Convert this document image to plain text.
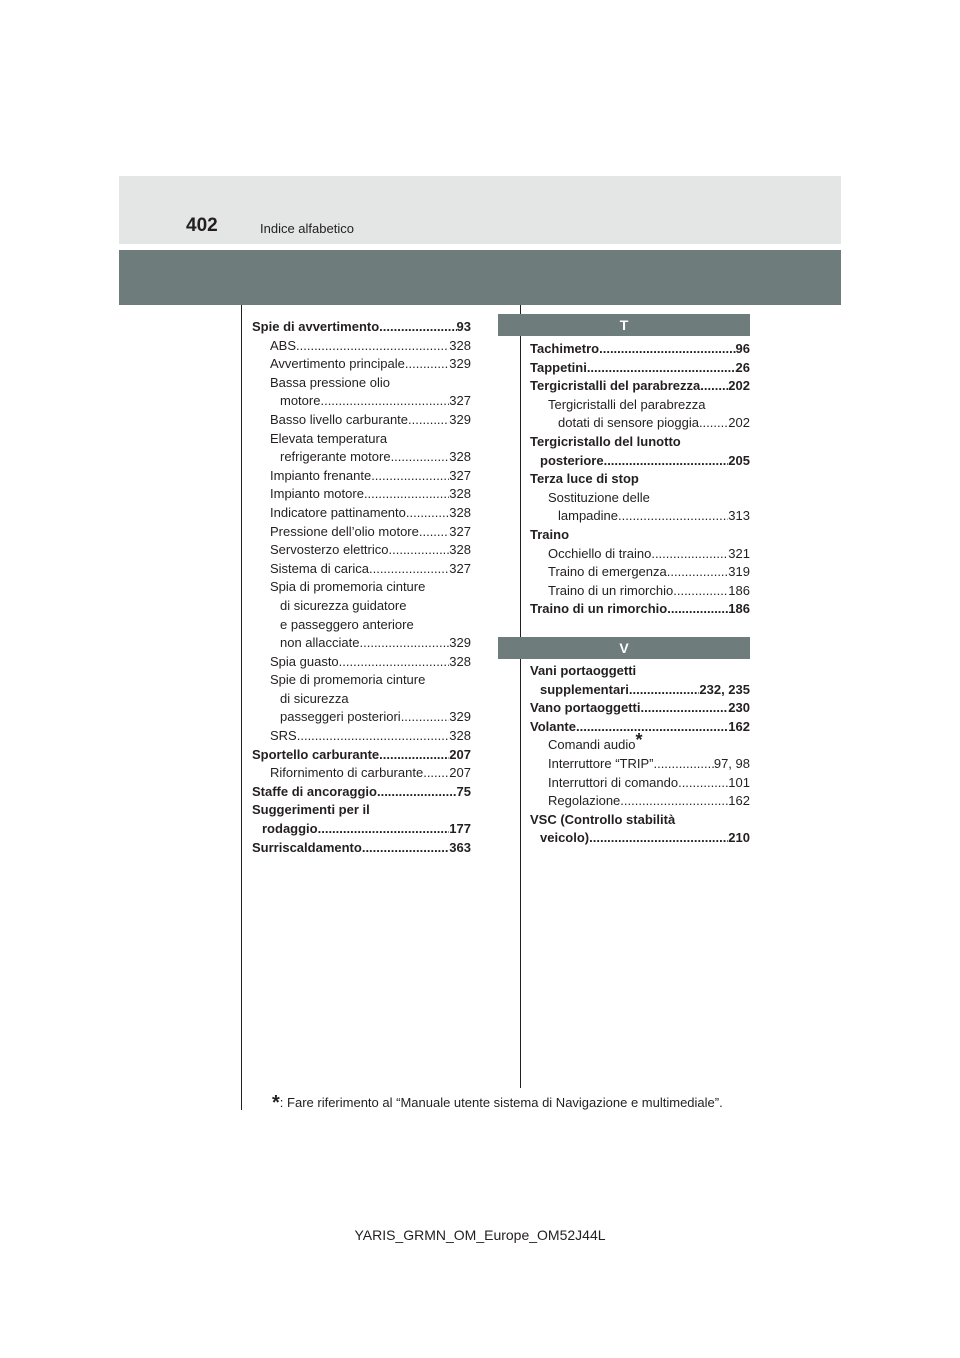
402	Indice alfabetico
Spie di avvertimento .....	93
ABS .....	328
Avvertimento principale .....	329
Bassa pressione olio
motore .....	327
Basso livello carburante .....	329
Elevata temperatura
refrigerante motore .....	328
Impianto frenante .....	327
Impianto motore .....	328
Indicatore pattinamento .....	328
Pressione dell’olio motore ..... 327
Servosterzo elettrico .....	328
Sistema di carica .....	327
Spia di promemoria cinture
di sicurezza guidatore
e passeggero anteriore
non allacciate .....	329
Spia guasto .....	328
Spie di promemoria cinture
di sicurezza
passeggeri posteriori .....	329
SRS .....	328
Sportello carburante .....	207
Rifornimento di carburante ..... 207
Staffe di ancoraggio .....	75
Suggerimenti per il
rodaggio .....	177
Surriscaldamento .....	363
T
Tachimetro .....	96
Tappetini .....	26
Tergicristalli del parabrezza ..... 202
Tergicristalli del parabrezza
dotati di sensore pioggia ..... 202
Tergicristallo del lunotto
posteriore .....	205
Terza luce di stop
Sostituzione delle
lampadine .....	313
Traino
Occhiello di traino .....	321
Traino di emergenza .....	319
Traino di un rimorchio .....	186
Traino di un rimorchio .....	186
V
Vani portaoggetti
supplementari .....	232, 235
Vano portaoggetti .....	230
Volante .....	162
Comandi audio*
Interruttore “TRIP” .....	97, 98
Interruttori di comando .....	101
Regolazione .....	162
VSC (Controllo stabilità
veicolo) .....	210
*: Fare riferimento al “Manuale utente sistema di Navigazione e multimediale”.
YARIS_GRMN_OM_Europe_OM52J44L
